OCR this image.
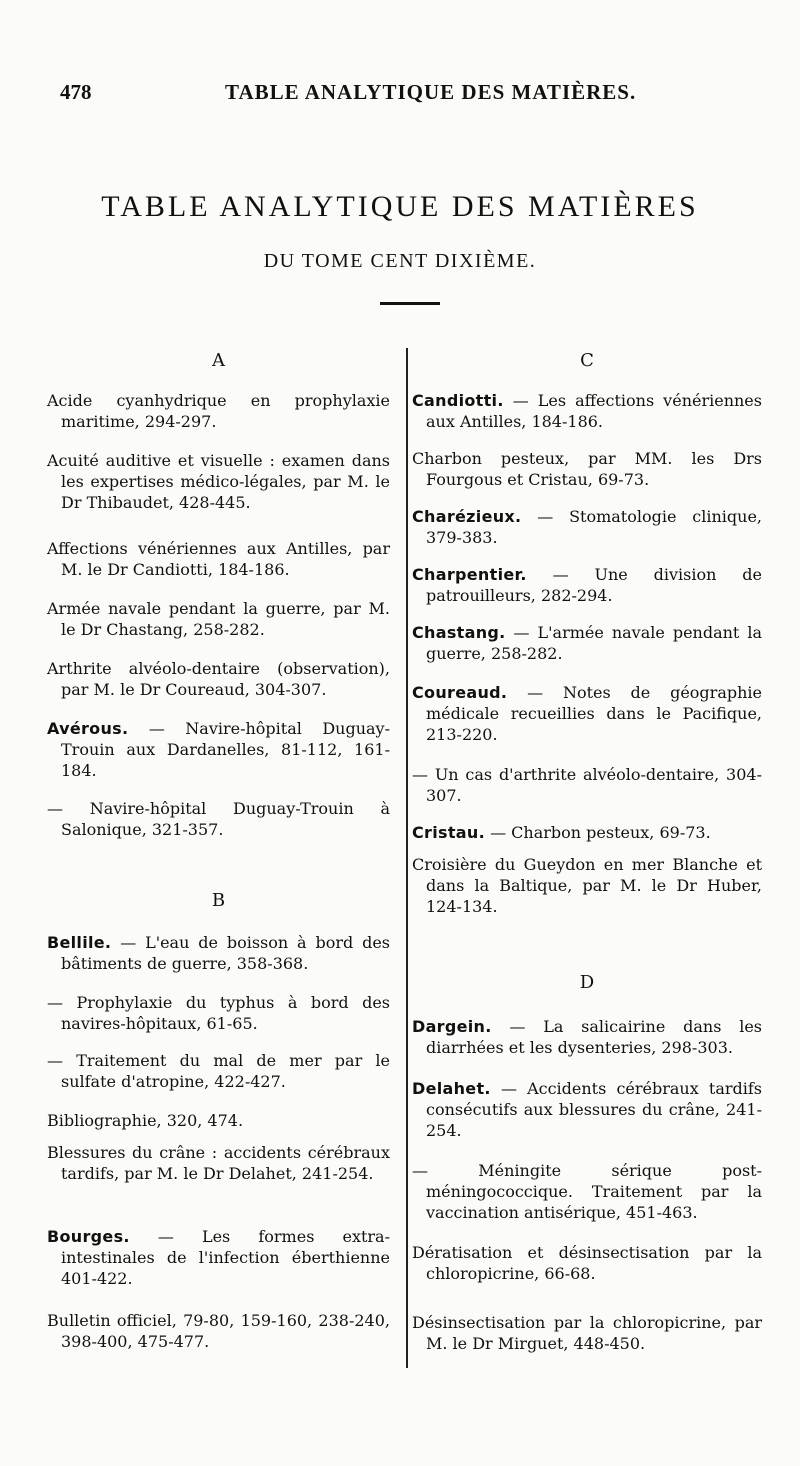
478	TABLE ANALYTIQUE DES MATIÈRES.
TABLE ANALYTIQUE DES MATIÈRES
DU TOME CENT DIXIÈME.
A

Acide cyanhydrique en prophylaxie maritime, 294-297.

Acuité auditive et visuelle : examen dans les expertises médico-légales, par M. le Dr Thibaudet, 428-445.

Affections vénériennes aux Antilles, par M. le Dr Candiotti, 184-186.

Armée navale pendant la guerre, par M. le Dr Chastang, 258-282.

Arthrite alvéolo-dentaire (observation), par M. le Dr Coureaud, 304-307.

Avérous. — Navire-hôpital Duguay-Trouin aux Dardanelles, 81-112, 161-184.

— Navire-hôpital Duguay-Trouin à Salonique, 321-357.

B

Bellile. — L'eau de boisson à bord des bâtiments de guerre, 358-368.

— Prophylaxie du typhus à bord des navires-hôpitaux, 61-65.

— Traitement du mal de mer par le sulfate d'atropine, 422-427.

Bibliographie, 320, 474.

Blessures du crâne : accidents cérébraux tardifs, par M. le Dr Delahet, 241-254.

Bourges. — Les formes extra-intestinales de l'infection éberthienne 401-422.

Bulletin officiel, 79-80, 159-160, 238-240, 398-400, 475-477.

C

Candiotti. — Les affections vénériennes aux Antilles, 184-186.

Charbon pesteux, par MM. les Drs Fourgous et Cristau, 69-73.

Charézieux. — Stomatologie clinique, 379-383.

Charpentier. — Une division de patrouilleurs, 282-294.

Chastang. — L'armée navale pendant la guerre, 258-282.

Coureaud. — Notes de géographie médicale recueillies dans le Pacifique, 213-220.

— Un cas d'arthrite alvéolo-dentaire, 304-307.

Cristau. — Charbon pesteux, 69-73.

Croisière du Gueydon en mer Blanche et dans la Baltique, par M. le Dr Huber, 124-134.

D

Dargein. — La salicairine dans les diarrhées et les dysenteries, 298-303.

Delahet. — Accidents cérébraux tardifs consécutifs aux blessures du crâne, 241-254.

— Méningite sérique post-méningococcique. Traitement par la vaccination antisérique, 451-463.

Dératisation et désinsectisation par la chloropicrine, 66-68.

Désinsectisation par la chloropicrine, par M. le Dr Mirguet, 448-450.
